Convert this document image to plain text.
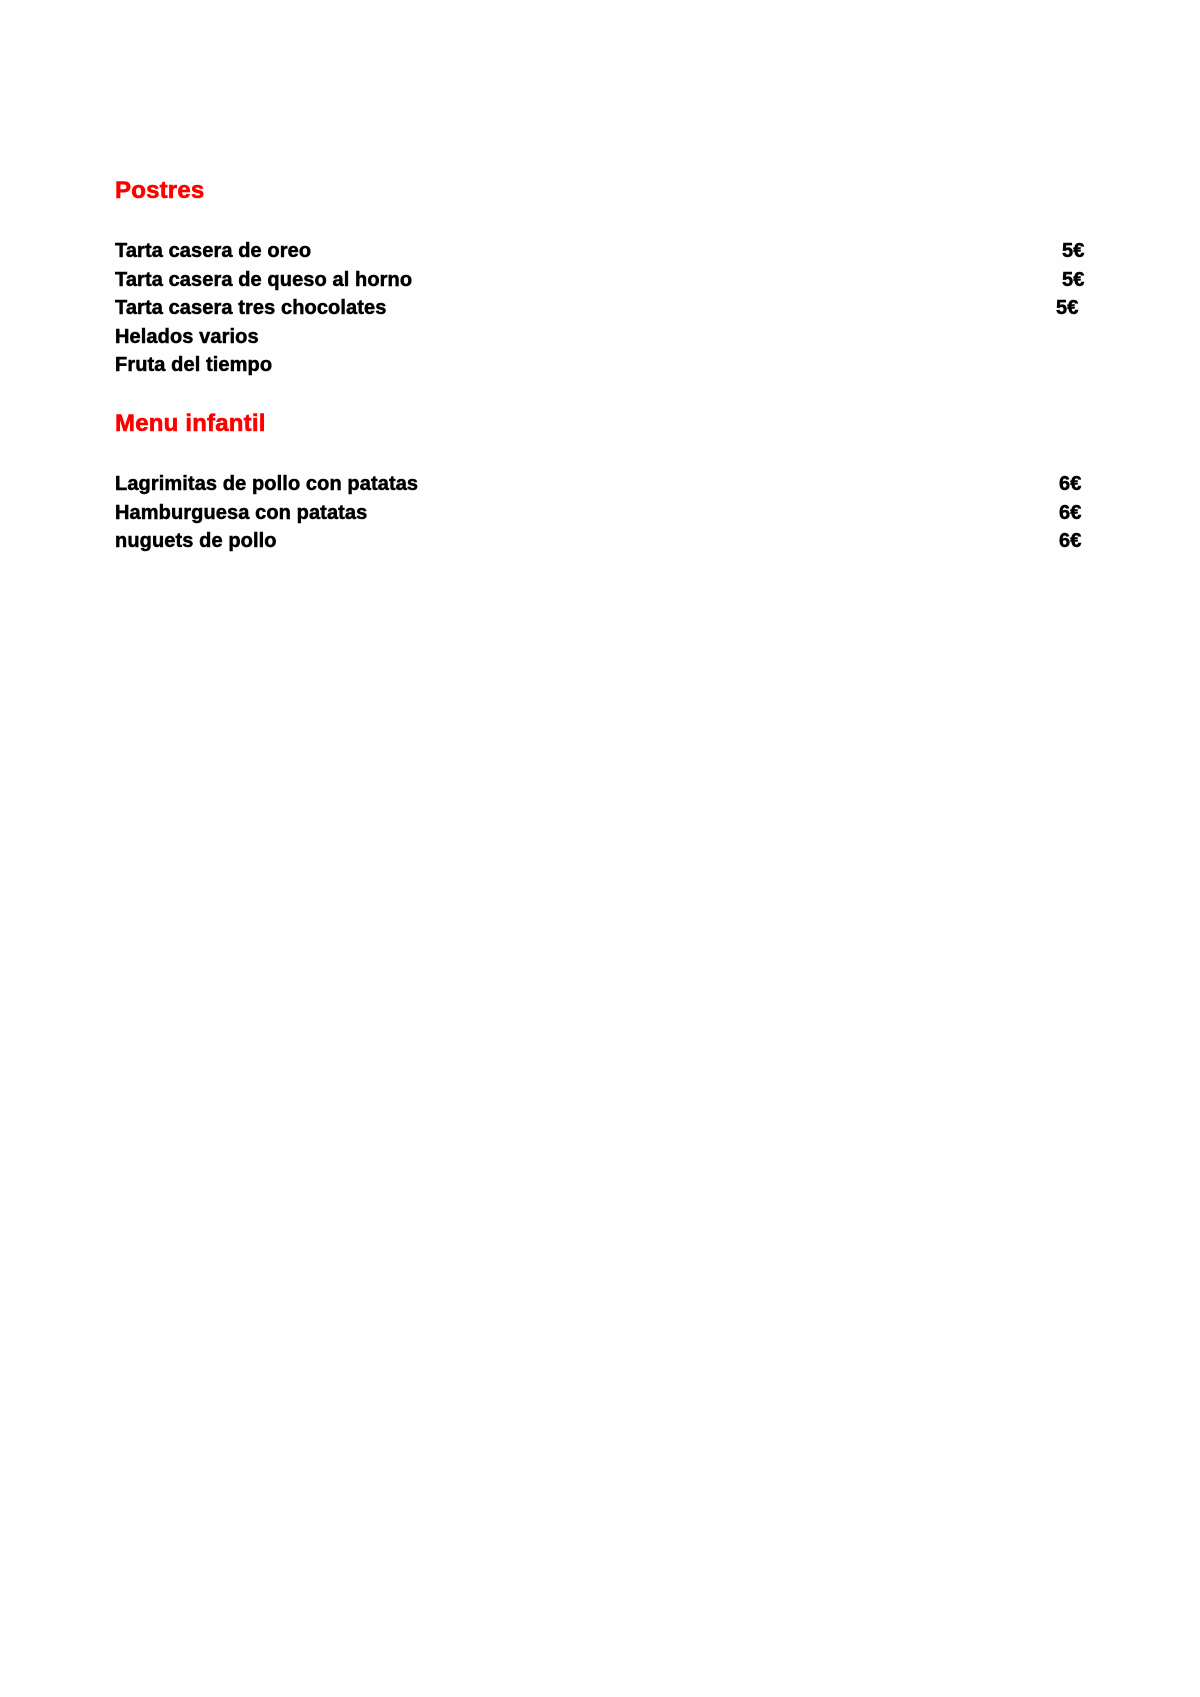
Postres
Tarta casera de oreo	5€
Tarta casera de queso al horno	5€
Tarta casera tres chocolates	5€
Helados varios
Fruta del tiempo
Menu infantil
Lagrimitas de pollo con patatas	6€
Hamburguesa con patatas	6€
nuguets de pollo	6€
